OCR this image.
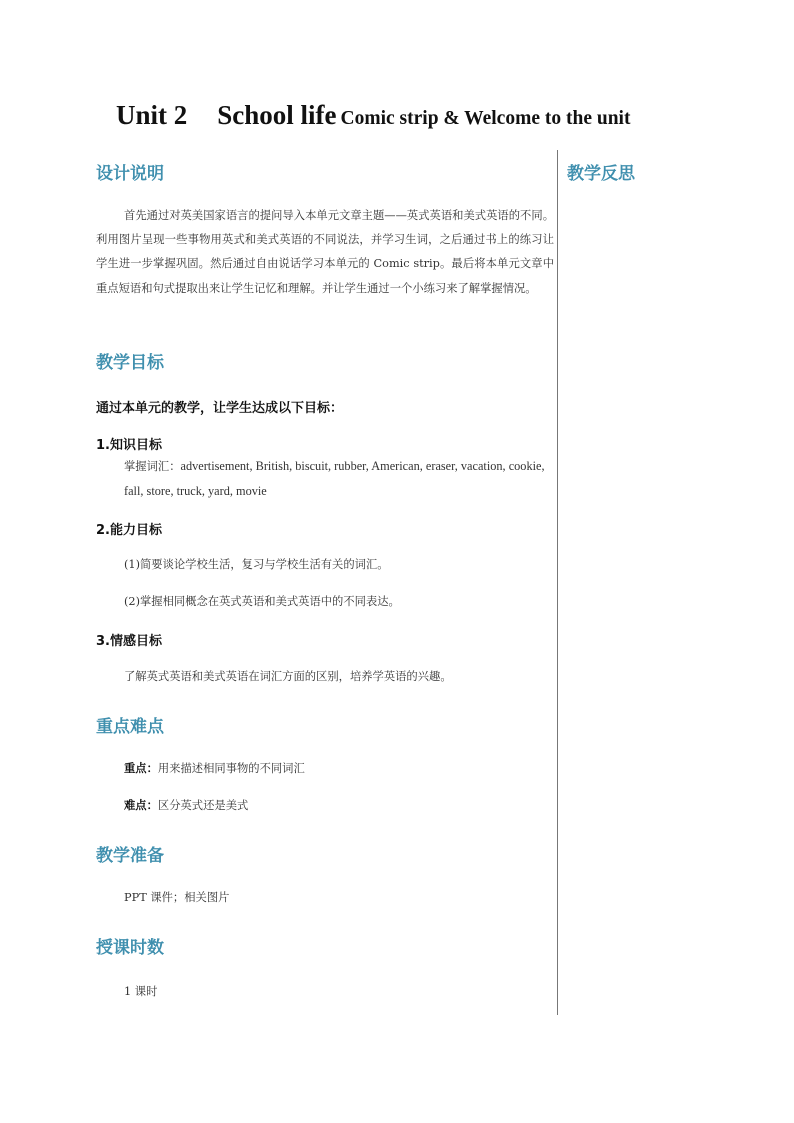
Unit 2 School life Comic strip & Welcome to the unit
教学反思
设计说明

首先通过对英美国家语言的提问导入本单元文章主题——英式英语和美式英语的不同。利用图片呈现一些事物用英式和美式英语的不同说法，并学习生词，之后通过书上的练习让学生进一步掌握巩固。然后通过自由说话学习本单元的 Comic strip。最后将本单元文章中重点短语和句式提取出来让学生记忆和理解。并让学生通过一个小练习来了解掌握情况。

教学目标

通过本单元的教学，让学生达成以下目标：

1.知识目标

掌握词汇：advertisement, British, biscuit, rubber, American, eraser, vacation, cookie, fall, store, truck, yard, movie

2.能力目标

(1)简要谈论学校生活，复习与学校生活有关的词汇。

(2)掌握相同概念在英式英语和美式英语中的不同表达。

3.情感目标

了解英式英语和美式英语在词汇方面的区别，培养学英语的兴趣。

重点难点

重点：用来描述相同事物的不同词汇

难点：区分英式还是美式

教学准备

PPT 课件；相关图片

授课时数

1 课时
